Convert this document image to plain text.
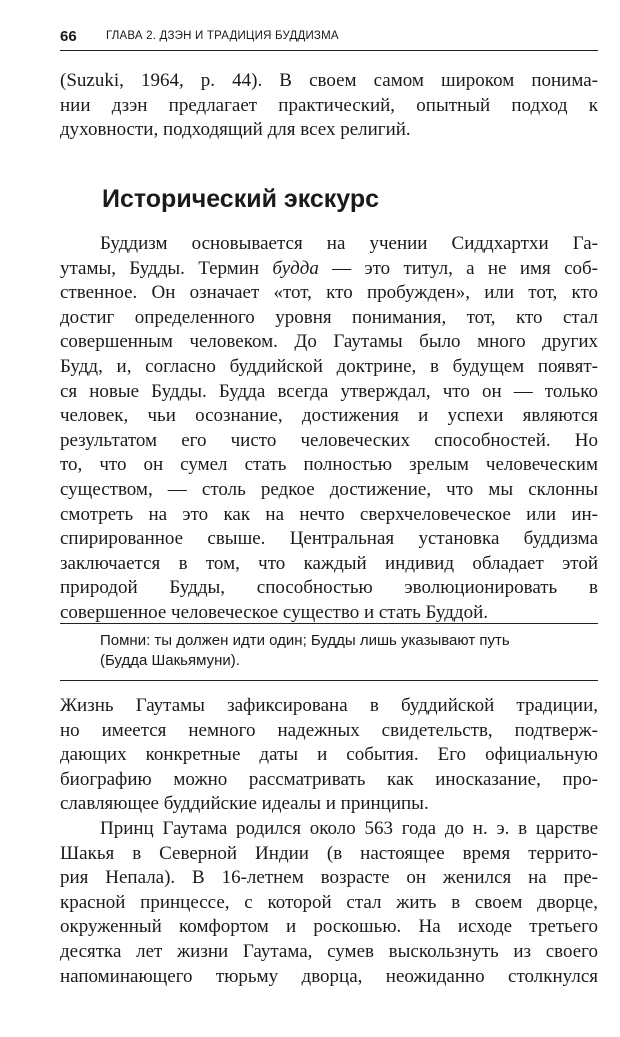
66	ГЛАВА 2. ДЗЭН И ТРАДИЦИЯ БУДДИЗМА
(Suzuki, 1964, p. 44). В своем самом широком понима-
нии дзэн предлагает практический, опытный подход к
духовности, подходящий для всех религий.
Исторический экскурс
Буддизм основывается на учении Сиддхартхи Га-
утамы, Будды. Термин будда — это титул, а не имя соб-
ственное. Он означает «тот, кто пробужден», или тот, кто
достиг определенного уровня понимания, тот, кто стал
совершенным человеком. До Гаутамы было много других
Будд, и, согласно буддийской доктрине, в будущем появят-
ся новые Будды. Будда всегда утверждал, что он — только
человек, чьи осознание, достижения и успехи являются
результатом его чисто человеческих способностей. Но
то, что он сумел стать полностью зрелым человеческим
существом, — столь редкое достижение, что мы склонны
смотреть на это как на нечто сверхчеловеческое или ин-
спирированное свыше. Центральная установка буддизма
заключается в том, что каждый индивид обладает этой
природой Будды, способностью эволюционировать в
совершенное человеческое существо и стать Буддой.

Помни: ты должен идти один; Будды лишь указывают путь
(Будда Шакьямуни).

Жизнь Гаутамы зафиксирована в буддийской традиции,
но имеется немного надежных свидетельств, подтверж-
дающих конкретные даты и события. Его официальную
биографию можно рассматривать как иносказание, про-
славляющее буддийские идеалы и принципы.
Принц Гаутама родился около 563 года до н. э. в царстве
Шакья в Северной Индии (в настоящее время террито-
рия Непала). В 16-летнем возрасте он женился на пре-
красной принцессе, с которой стал жить в своем дворце,
окруженный комфортом и роскошью. На исходе третьего
десятка лет жизни Гаутама, сумев выскользнуть из своего
напоминающего тюрьму дворца, неожиданно столкнулся
